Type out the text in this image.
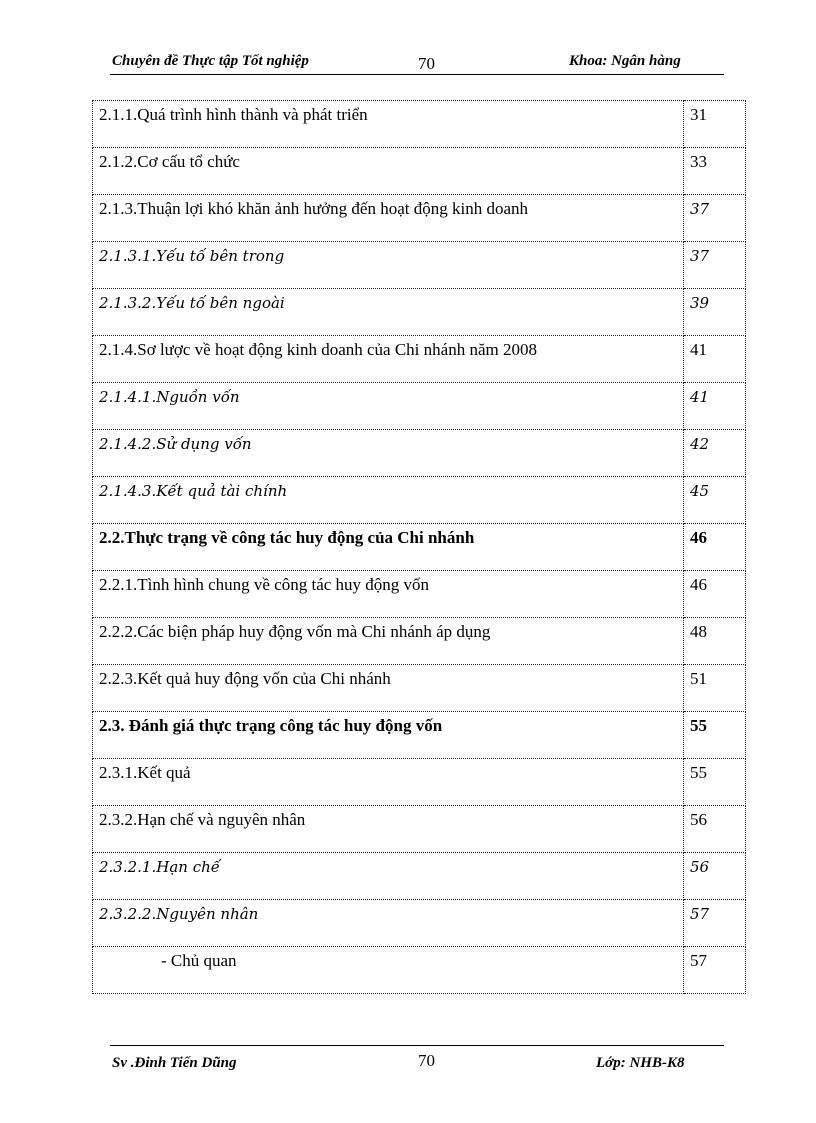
Chuyên đề Thực tập Tốt nghiệp	70	Khoa: Ngân hàng
2.1.1.Quá trình hình thành và phát triển	31
2.1.2.Cơ cấu tổ chức	33
2.1.3.Thuận lợi khó khăn ảnh hưởng đến hoạt động kinh doanh	37
2.1.3.1.Yếu tố bên trong	37
2.1.3.2.Yếu tố bên ngoài	39
2.1.4.Sơ lược về hoạt động kinh doanh của Chi nhánh năm 2008	41
2.1.4.1.Nguồn vốn	41
2.1.4.2.Sử dụng vốn	42
2.1.4.3.Kết quả tài chính	45
2.2.Thực trạng về công tác huy động của Chi nhánh	46
2.2.1.Tình hình chung về công tác huy động vốn	46
2.2.2.Các biện pháp huy động vốn mà Chi nhánh áp dụng	48
2.2.3.Kết quả huy động vốn của Chi nhánh	51
2.3. Đánh giá thực trạng công tác huy động vốn	55
2.3.1.Kết quả	55
2.3.2.Hạn chế và nguyên nhân	56
2.3.2.1.Hạn chế	56
2.3.2.2.Nguyên nhân	57
- Chủ quan	57
Sv .Đinh Tiến Dũng	70	Lớp: NHB-K8
